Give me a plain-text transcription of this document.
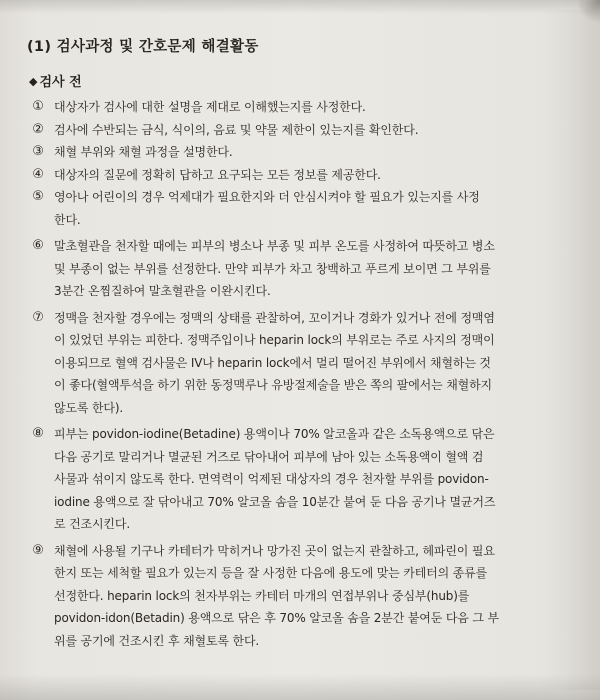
(1) 검사과정 및 간호문제 해결활동
◆ 검사 전
① 대상자가 검사에 대한 설명을 제대로 이해했는지를 사정한다.
② 검사에 수반되는 금식, 식이의, 음료 및 약물 제한이 있는지를 확인한다.
③ 채혈 부위와 채혈 과정을 설명한다.
④ 대상자의 질문에 정확히 답하고 요구되는 모든 정보를 제공한다.
⑤ 영아나 어린이의 경우 억제대가 필요한지와 더 안심시켜야 할 필요가 있는지를 사정
한다.
⑥ 말초혈관을 천자할 때에는 피부의 병소나 부종 및 피부 온도를 사정하여 따뜻하고 병소
및 부종이 없는 부위를 선정한다. 만약 피부가 차고 창백하고 푸르게 보이면 그 부위를
3분간 온찜질하여 말초혈관을 이완시킨다.
⑦ 정맥을 천자할 경우에는 정맥의 상태를 관찰하여, 꼬이거나 경화가 있거나 전에 정맥염
이 있었던 부위는 피한다. 정맥주입이나 heparin lock의 부위로는 주로 사지의 정맥이
이용되므로 혈액 검사물은 IV나 heparin lock에서 멀리 떨어진 부위에서 채혈하는 것
이 좋다(혈액투석을 하기 위한 동정맥루나 유방절제술을 받은 쪽의 팔에서는 채혈하지
않도록 한다).
⑧ 피부는 povidon-iodine(Betadine) 용액이나 70% 알코올과 같은 소독용액으로 닦은
다음 공기로 말리거나 멸균된 거즈로 닦아내어 피부에 남아 있는 소독용액이 혈액 검
사물과 섞이지 않도록 한다. 면역력이 억제된 대상자의 경우 천자할 부위를 povidon-
iodine 용액으로 잘 닦아내고 70% 알코올 솜을 10분간 붙여 둔 다음 공기나 멸균거즈
로 건조시킨다.
⑨ 채혈에 사용될 기구나 카테터가 막히거나 망가진 곳이 없는지 관찰하고, 헤파린이 필요
한지 또는 세척할 필요가 있는지 등을 잘 사정한 다음에 용도에 맞는 카테터의 종류를
선정한다. heparin lock의 천자부위는 카테터 마개의 연접부위나 중심부(hub)를
povidon-idon(Betadin) 용액으로 닦은 후 70% 알코올 솜을 2분간 붙여둔 다음 그 부
위를 공기에 건조시킨 후 채혈토록 한다.
